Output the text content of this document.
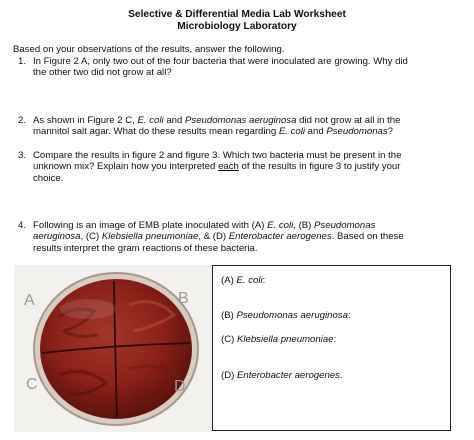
Selective & Differential Media Lab Worksheet
Microbiology Laboratory
Based on your observations of the results, answer the following.
1. In Figure 2 A, only two out of the four bacteria that were inoculated are growing. Why did
the other two did not grow at all?
2. As shown in Figure 2 C, E. coli and Pseudomonas aeruginosa did not grow at all in the
mannitol salt agar. What do these results mean regarding E. coli and Pseudomonas?
3. Compare the results in figure 2 and figure 3. Which two bacteria must be present in the
unknown mix? Explain how you interpreted each of the results in figure 3 to justify your
choice.
4. Following is an image of EMB plate inoculated with (A) E. coli, (B) Pseudomonas
aeruginosa, (C) Klebsiella pneumoniae, & (D) Enterobacter aerogenes. Based on these
results interpret the gram reactions of these bacteria.
A	B
C	D
(A) E. coli:
(B) Pseudomonas aeruginosa:
(C) Klebsiella pneumoniae:
(D) Enterobacter aerogenes.
